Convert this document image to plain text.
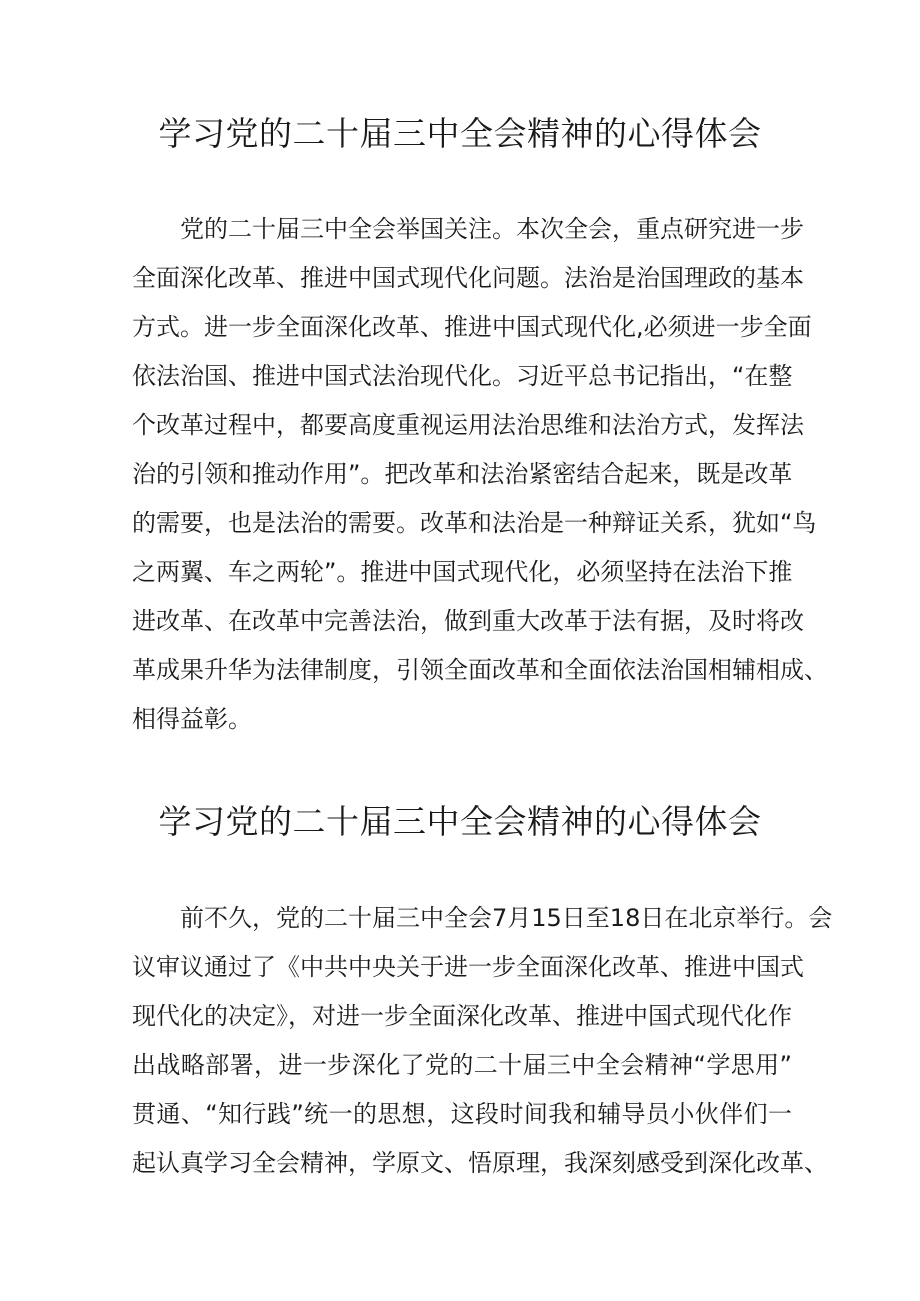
学习党的二十届三中全会精神的心得体会
党的二十届三中全会举国关注。本次全会，重点研究进一步
全面深化改革、推进中国式现代化问题。法治是治国理政的基本
方式。进一步全面深化改革、推进中国式现代化,必须进一步全面
依法治国、推进中国式法治现代化。习近平总书记指出，“在整
个改革过程中，都要高度重视运用法治思维和法治方式，发挥法
治的引领和推动作用”。把改革和法治紧密结合起来，既是改革
的需要，也是法治的需要。改革和法治是一种辩证关系，犹如“鸟
之两翼、车之两轮”。推进中国式现代化，必须坚持在法治下推
进改革、在改革中完善法治，做到重大改革于法有据，及时将改
革成果升华为法律制度，引领全面改革和全面依法治国相辅相成、
相得益彰。
学习党的二十届三中全会精神的心得体会
前不久，党的二十届三中全会7月15日至18日在北京举行。会
议审议通过了《中共中央关于进一步全面深化改革、推进中国式
现代化的决定》，对进一步全面深化改革、推进中国式现代化作
出战略部署，进一步深化了党的二十届三中全会精神“学思用”
贯通、“知行践”统一的思想，这段时间我和辅导员小伙伴们一
起认真学习全会精神，学原文、悟原理，我深刻感受到深化改革、
